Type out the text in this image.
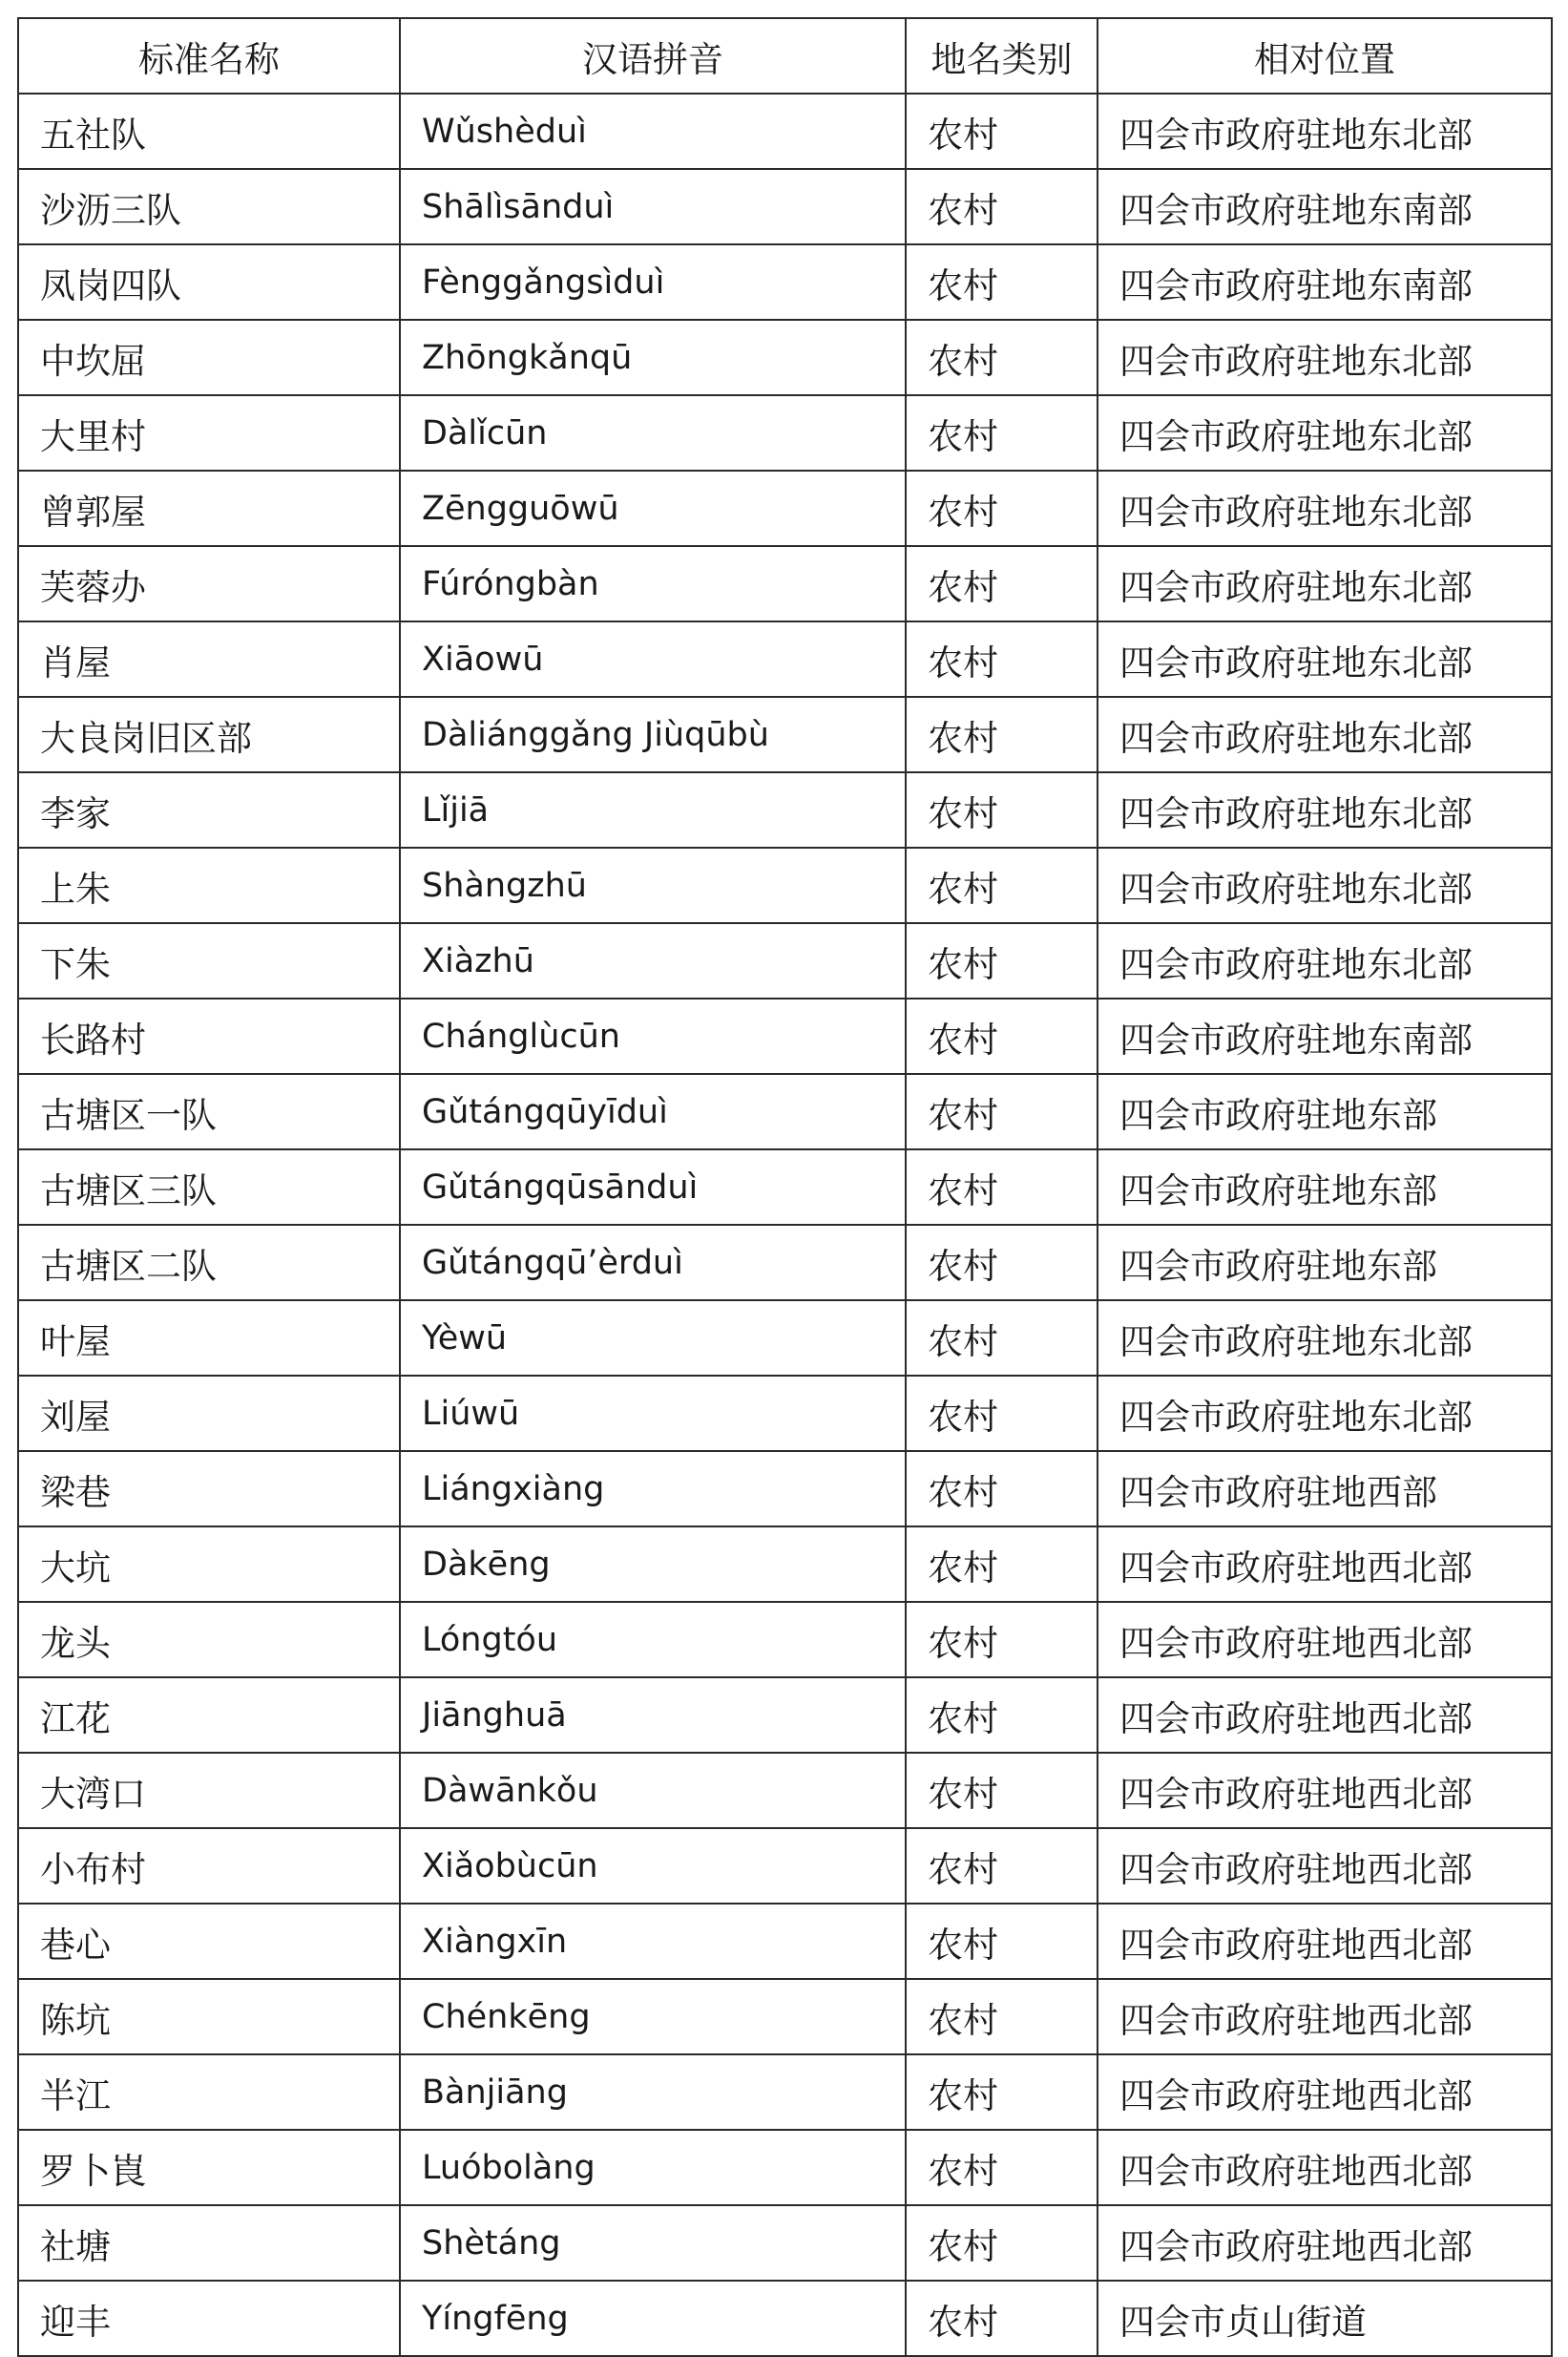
标准名称	汉语拼音	地名类别	相对位置
五社队	Wǔshèduì	农村	四会市政府驻地东北部
沙沥三队	Shālìsānduì	农村	四会市政府驻地东南部
凤岗四队	Fènggǎngsìduì	农村	四会市政府驻地东南部
中坎屈	Zhōngkǎnqū	农村	四会市政府驻地东北部
大里村	Dàlǐcūn	农村	四会市政府驻地东北部
曾郭屋	Zēngguōwū	农村	四会市政府驻地东北部
芙蓉办	Fúróngbàn	农村	四会市政府驻地东北部
肖屋	Xiāowū	农村	四会市政府驻地东北部
大良岗旧区部	Dàliánggǎng Jiùqūbù	农村	四会市政府驻地东北部
李家	Lǐjiā	农村	四会市政府驻地东北部
上朱	Shàngzhū	农村	四会市政府驻地东北部
下朱	Xiàzhū	农村	四会市政府驻地东北部
长路村	Chánglùcūn	农村	四会市政府驻地东南部
古塘区一队	Gǔtángqūyīduì	农村	四会市政府驻地东部
古塘区三队	Gǔtángqūsānduì	农村	四会市政府驻地东部
古塘区二队	Gǔtángqū’èrduì	农村	四会市政府驻地东部
叶屋	Yèwū	农村	四会市政府驻地东北部
刘屋	Liúwū	农村	四会市政府驻地东北部
梁巷	Liángxiàng	农村	四会市政府驻地西部
大坑	Dàkēng	农村	四会市政府驻地西北部
龙头	Lóngtóu	农村	四会市政府驻地西北部
江花	Jiānghuā	农村	四会市政府驻地西北部
大湾口	Dàwānkǒu	农村	四会市政府驻地西北部
小布村	Xiǎobùcūn	农村	四会市政府驻地西北部
巷心	Xiàngxīn	农村	四会市政府驻地西北部
陈坑	Chénkēng	农村	四会市政府驻地西北部
半江	Bànjiāng	农村	四会市政府驻地西北部
罗卜崀	Luóbolàng	农村	四会市政府驻地西北部
社塘	Shètáng	农村	四会市政府驻地西北部
迎丰	Yíngfēng	农村	四会市贞山街道
